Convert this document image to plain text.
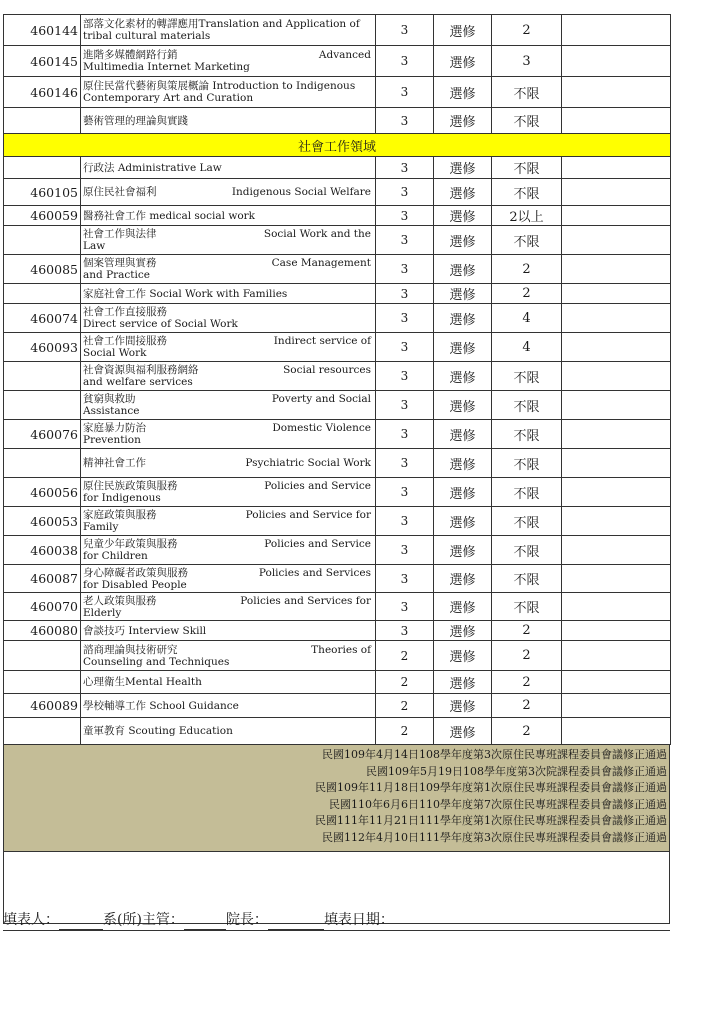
460144	部落文化素材的轉譯應用Translation and Application of
tribal cultural materials	3	選修	2	
460145	進階多媒體網路行銷 Advanced
Multimedia Internet Marketing	3	選修	3	
460146	原住民當代藝術與策展概論 Introduction to Indigenous
Contemporary Art and Curation	3	選修	不限	

	藝術管理的理論與實踐	3	選修	不限	
社會工作領域					

	行政法 Administrative Law	3	選修	不限	
460105	原住民社會福利 Indigenous Social Welfare	3	選修	不限	
460059	醫務社會工作 medical social work	3	選修	2以上	

	社會工作與法律 Social Work and the
Law	3	選修	不限	
460085	個案管理與實務 Case Management
and Practice	3	選修	2	

	家庭社會工作 Social Work with Families	3	選修	2	
460074	社會工作直接服務
Direct service of Social Work	3	選修	4	
460093	社會工作間接服務 Indirect service of
Social Work	3	選修	4	

	社會資源與福利服務網絡 Social resources
and welfare services	3	選修	不限	

	貧窮與救助 Poverty and Social
Assistance	3	選修	不限	
460076	家庭暴力防治 Domestic Violence
Prevention	3	選修	不限	

	精神社會工作 Psychiatric Social Work	3	選修	不限	
460056	原住民族政策與服務 Policies and Service
for Indigenous	3	選修	不限	
460053	家庭政策與服務 Policies and Service for
Family	3	選修	不限	
460038	兒童少年政策與服務 Policies and Service
for Children	3	選修	不限	
460087	身心障礙者政策與服務 Policies and Services
for Disabled People	3	選修	不限	
460070	老人政策與服務 Policies and Services for
Elderly	3	選修	不限	
460080	會談技巧 Interview Skill	3	選修	2	

	諮商理論與技術研究 Theories of
Counseling and Techniques	2	選修	2	

	心理衛生Mental Health	2	選修	2	
460089	學校輔導工作 School Guidance	2	選修	2	

	童軍教育 Scouting Education	2	選修	2	
民國109年4月14日108學年度第3次原住民專班課程委員會議修正通過
民國109年5月19日108學年度第3次院課程委員會議修正通過
民國109年11月18日109學年度第1次原住民專班課程委員會議修正通過
民國110年6月6日110學年度第7次原住民專班課程委員會議修正通過
民國111年11月21日111學年度第1次原住民專班課程委員會議修正通過
民國112年4月10日111學年度第3次原住民專班課程委員會議修正通過
填表人：	系(所)主管：	院長：	填表日期：
